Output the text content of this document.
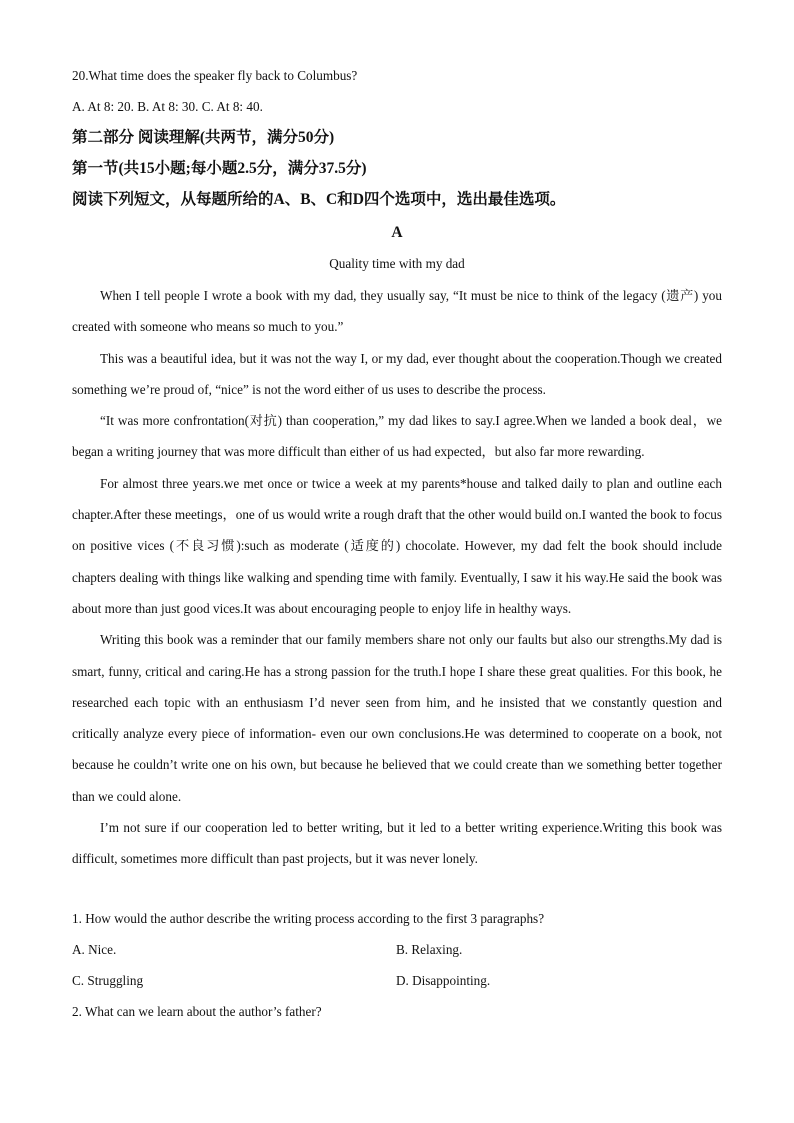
20.What time does the speaker fly back to Columbus?
A. At 8: 20. B. At 8: 30. C. At 8: 40.
第二部分 阅读理解(共两节，满分50分)
第一节(共15小题;每小题2.5分，满分37.5分)
阅读下列短文，从每题所给的A、B、C和D四个选项中，选出最佳选项。
A
Quality time with my dad

When I tell people I wrote a book with my dad, they usually say, “It must be nice to think of the legacy (遗产) you created with someone who means so much to you.”

This was a beautiful idea, but it was not the way I, or my dad, ever thought about the cooperation.Though we created something we’re proud of, “nice” is not the word either of us uses to describe the process.

“It was more confrontation(对抗) than cooperation,” my dad likes to say.I agree.When we landed a book deal，we began a writing journey that was more difficult than either of us had expected，but also far more rewarding.

For almost three years.we met once or twice a week at my parents*house and talked daily to plan and outline each chapter.After these meetings，one of us would write a rough draft that the other would build on.I wanted the book to focus on positive vices (不良习惯):such as moderate (适度的) chocolate. However, my dad felt the book should include chapters dealing with things like walking and spending time with family. Eventually, I saw it his way.He said the book was about more than just good vices.It was about encouraging people to enjoy life in healthy ways.

Writing this book was a reminder that our family members share not only our faults but also our strengths.My dad is smart, funny, critical and caring.He has a strong passion for the truth.I hope I share these great qualities. For this book, he researched each topic with an enthusiasm I’d never seen from him, and he insisted that we constantly question and critically analyze every piece of information- even our own conclusions.He was determined to cooperate on a book, not because he couldn’t write one on his own, but because he believed that we could create than we something better together than we could alone.

I’m not sure if our cooperation led to better writing, but it led to a better writing experience.Writing this book was difficult, sometimes more difficult than past projects, but it was never lonely.

1. How would the author describe the writing process according to the first 3 paragraphs?
A. Nice.	B. Relaxing.
C. Struggling	D. Disappointing.
2. What can we learn about the author’s father?
